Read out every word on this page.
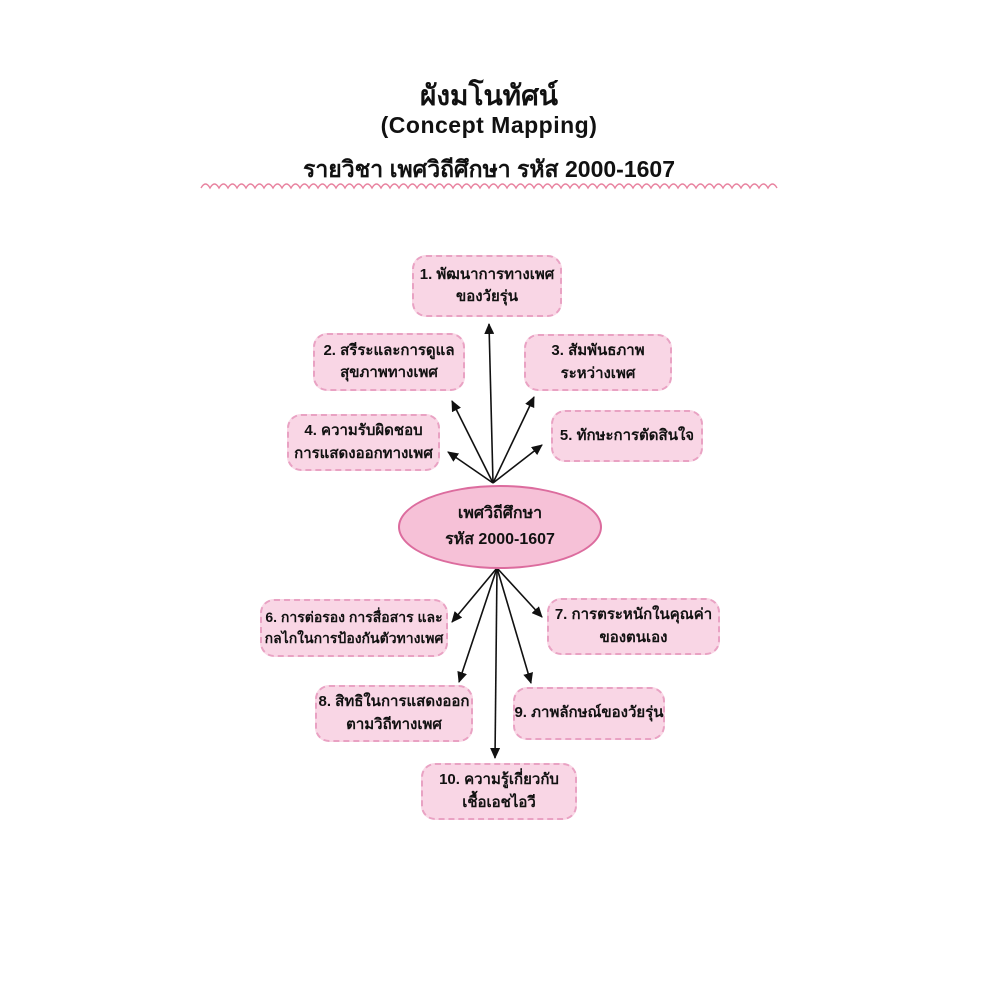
ผังมโนทัศน์
(Concept Mapping)
รายวิชา เพศวิถีศึกษา รหัส 2000-1607
1. พัฒนาการทางเพศ
ของวัยรุ่น
2. สรีระและการดูแล
สุขภาพทางเพศ
3. สัมพันธภาพ
ระหว่างเพศ
4. ความรับผิดชอบ
การแสดงออกทางเพศ
5. ทักษะการตัดสินใจ
6. การต่อรอง การสื่อสาร และ
กลไกในการป้องกันตัวทางเพศ
7. การตระหนักในคุณค่า
ของตนเอง
8. สิทธิในการแสดงออก
ตามวิถีทางเพศ
9. ภาพลักษณ์ของวัยรุ่น
10. ความรู้เกี่ยวกับ
เชื้อเอชไอวี
เพศวิถีศึกษา
รหัส 2000-1607
